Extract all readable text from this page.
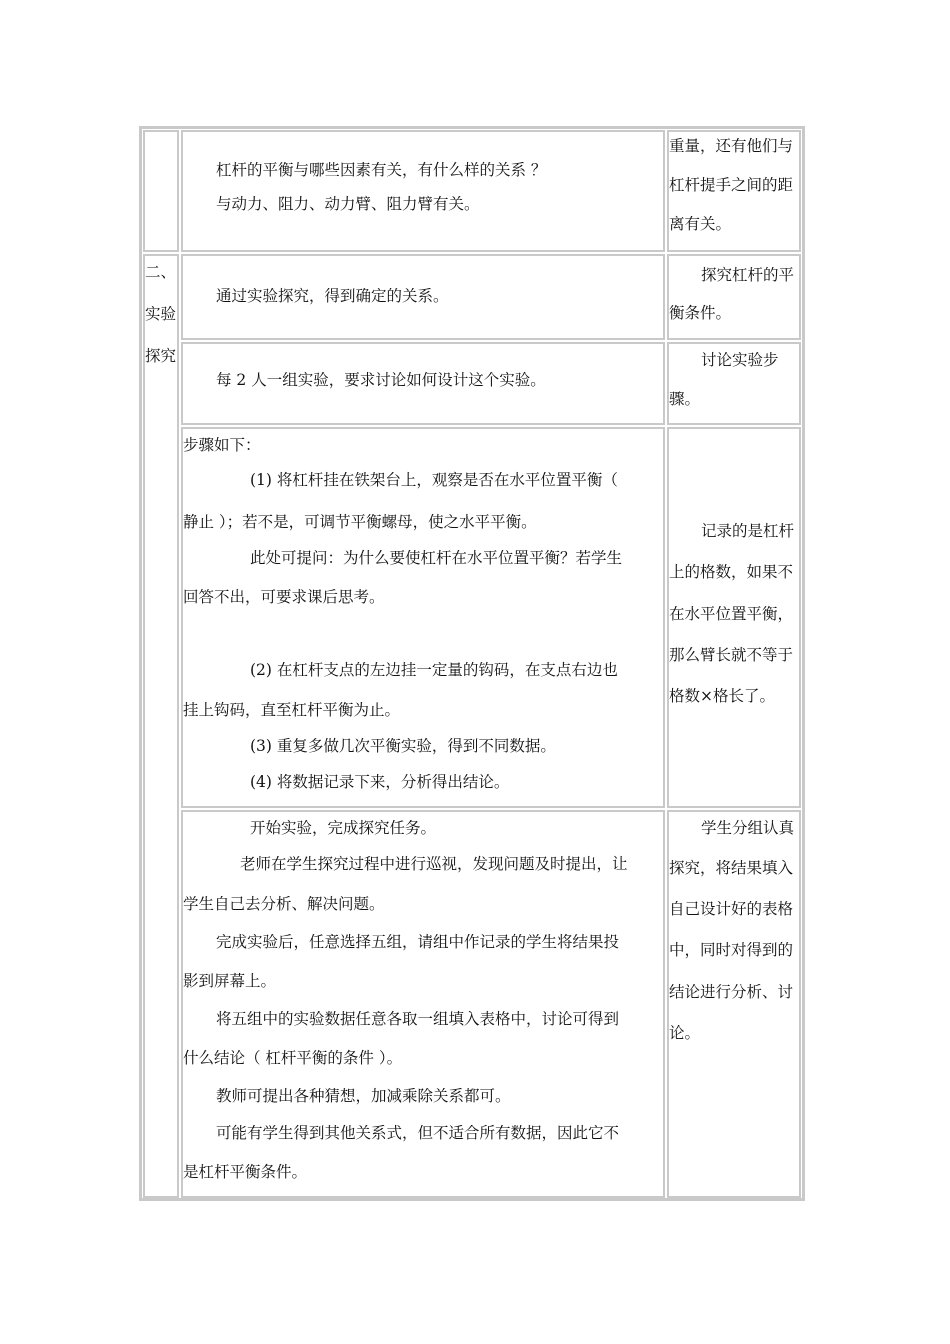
二、
实验
探究
杠杆的平衡与哪些因素有关，有什么样的关系 ？
与动力、阻力、动力臂、阻力臂有关。
重量，还有他们与
杠杆提手之间的距
离有关。
通过实验探究，得到确定的关系。
探究杠杆的平
衡条件。
每 2 人一组实验，要求讨论如何设计这个实验。
讨论实验步
骤。
步骤如下：
(1) 将杠杆挂在铁架台上，观察是否在水平位置平衡（
静止 ）；若不是，可调节平衡螺母，使之水平平衡。
此处可提问：为什么要使杠杆在水平位置平衡？若学生
回答不出，可要求课后思考。
(2) 在杠杆支点的左边挂一定量的钩码，在支点右边也
挂上钩码，直至杠杆平衡为止。
(3) 重复多做几次平衡实验，得到不同数据。
(4) 将数据记录下来，分析得出结论。
记录的是杠杆
上的格数，如果不
在水平位置平衡，
那么臂长就不等于
格数×格长了。
开始实验，完成探究任务。
老师在学生探究过程中进行巡视，发现问题及时提出，让
学生自己去分析、解决问题。
完成实验后，任意选择五组，请组中作记录的学生将结果投
影到屏幕上。
将五组中的实验数据任意各取一组填入表格中，讨论可得到
什么结论（ 杠杆平衡的条件 ）。
教师可提出各种猜想，加减乘除关系都可。
可能有学生得到其他关系式，但不适合所有数据，因此它不
是杠杆平衡条件。
学生分组认真
探究，将结果填入
自己设计好的表格
中，同时对得到的
结论进行分析、讨
论。
